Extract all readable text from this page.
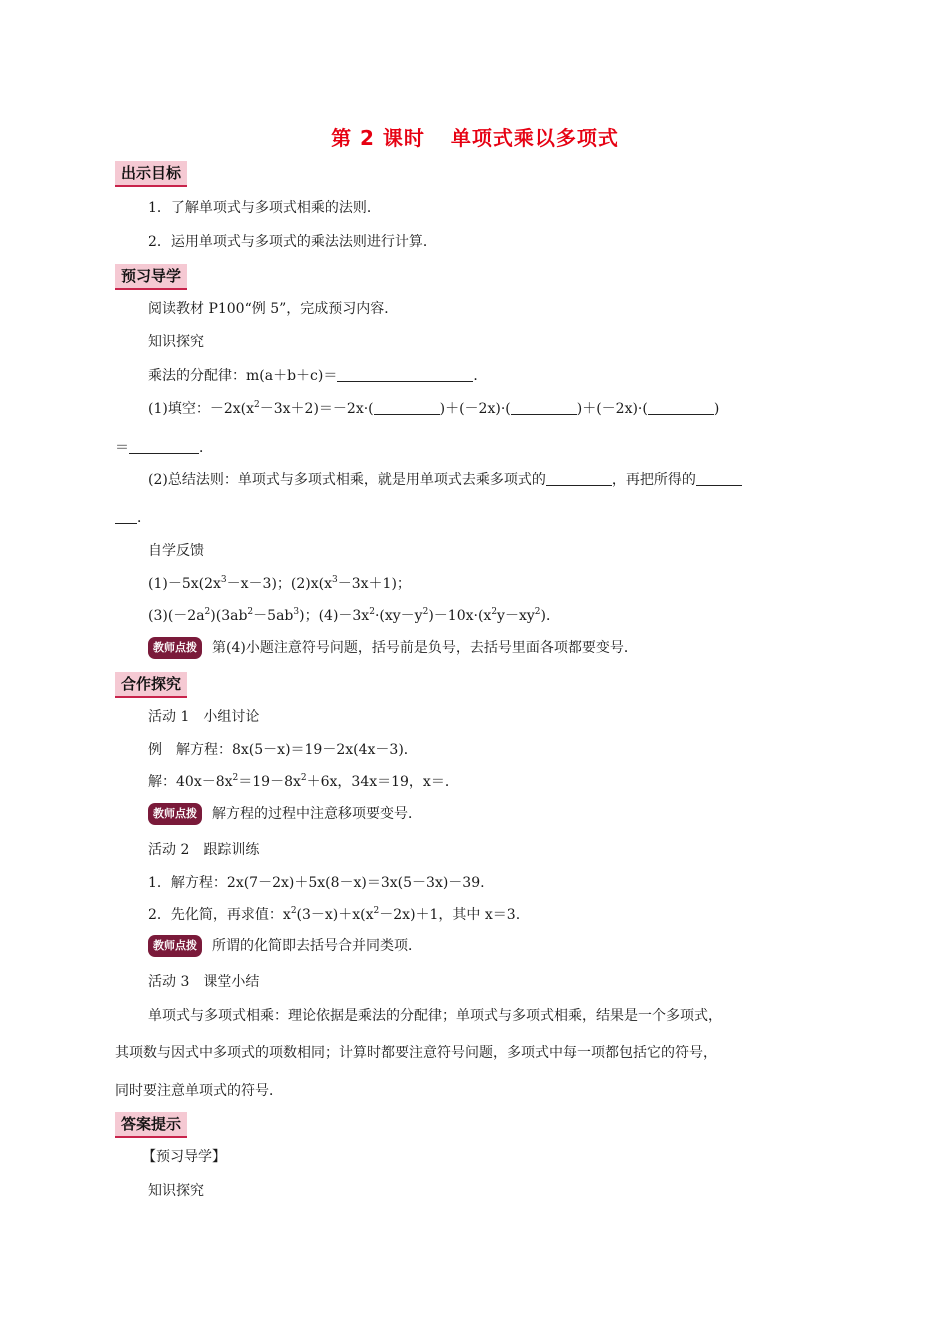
第 2 课时 单项式乘以多项式
出示目标
1．了解单项式与多项式相乘的法则．
2．运用单项式与多项式的乘法法则进行计算．
预习导学
阅读教材 P100“例 5”，完成预习内容．
知识探究
乘法的分配律：m(a＋b＋c)＝	．
(1)填空：$-2x(x^2-3x+2)=-2x\cdot$(	)＋(－2x)·(	)＋(－2x)·(	)
＝	．
(2)总结法则：单项式与多项式相乘，就是用单项式去乘多项式的	，再把所得的
．
自学反馈
$(1)-5x(2x^3-x-3)$；$(2)x(x^3-3x+1)$；
$(3)(-2a^2)(3ab^2-5ab^3)$；$(4)-3x^2\cdot(xy-y^2)-10x\cdot(x^2y-xy^2)$．
教师点拨 第(4)小题注意符号问题，括号前是负号，去括号里面各项都要变号．
合作探究
活动 1　小组讨论
例　解方程：8x(5－x)＝19－2x(4x－3)．
解：$40x-8x^2=19-8x^2+6x$，34x＝19，x＝．
教师点拨 解方程的过程中注意移项要变号．
活动 2　跟踪训练
1．解方程：2x(7－2x)＋5x(8－x)＝3x(5－3x)－39.
2．先化简，再求值：$x^2(3-x)+x(x^2-2x)+1$，其中 x＝3.
教师点拨 所谓的化简即去括号合并同类项．
活动 3　课堂小结
单项式与多项式相乘：理论依据是乘法的分配律；单项式与多项式相乘，结果是一个多项式，
其项数与因式中多项式的项数相同；计算时都要注意符号问题，多项式中每一项都包括它的符号，
同时要注意单项式的符号．
答案提示
【预习导学】
知识探究
